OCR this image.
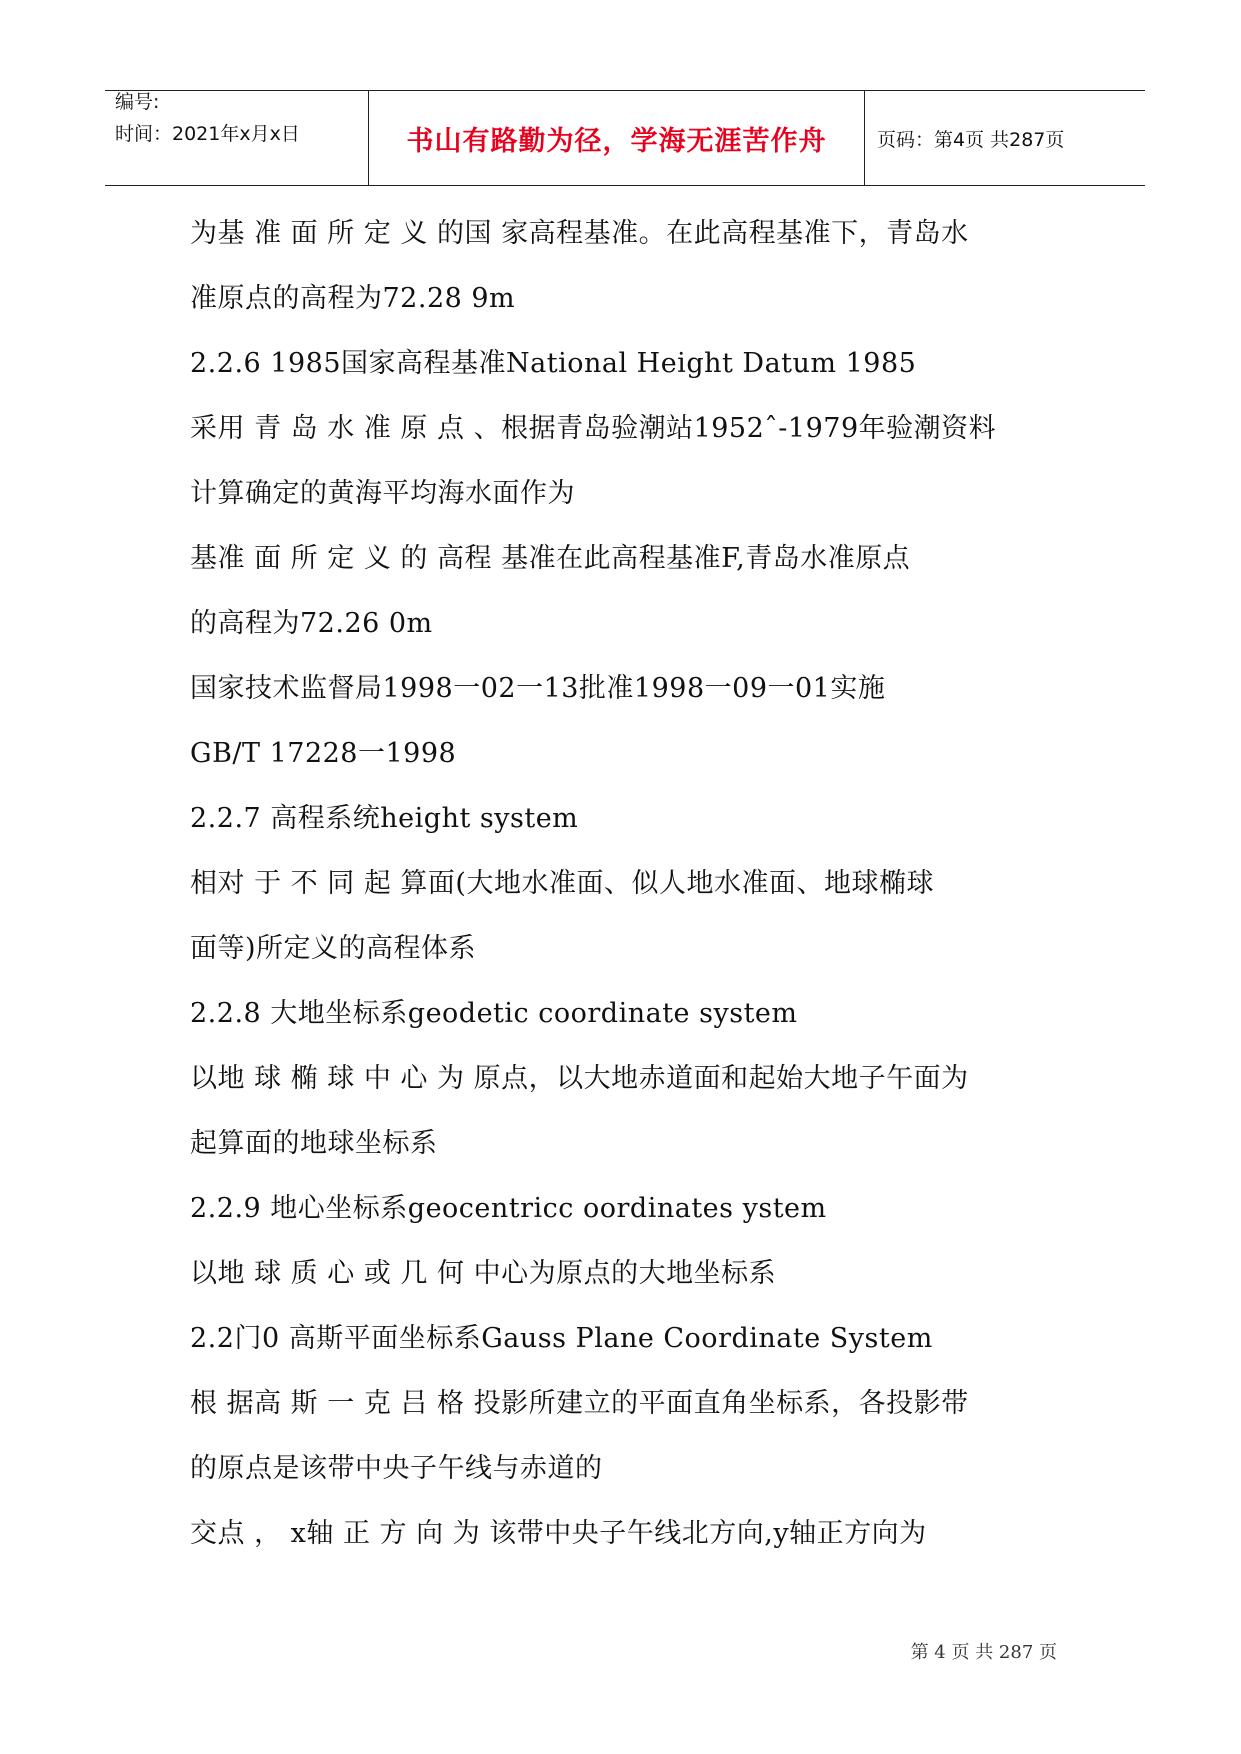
编号:
时间：2021年x月x日	书山有路勤为径，学海无涯苦作舟	页码：第4页 共287页
为基 准 面 所 定 义 的国 家高程基准。在此高程基准下，青岛水
准原点的高程为72.28 9m
2.2.6 1985国家高程基准National Height Datum 1985
采用 青 岛 水 准 原 点 、根据青岛验潮站1952ˆ-1979年验潮资料
计算确定的黄海平均海水面作为
基准 面 所 定 义 的 高程 基准在此高程基准F,青岛水准原点
的高程为72.26 0m
国家技术监督局1998一02一13批准1998一09一01实施
GB/T 17228一1998
2.2.7 高程系统height system
相对 于 不 同 起 算面(大地水准面、似人地水准面、地球椭球
面等)所定义的高程体系
2.2.8 大地坐标系geodetic coordinate system
以地 球 椭 球 中 心 为 原点，以大地赤道面和起始大地子午面为
起算面的地球坐标系
2.2.9 地心坐标系geocentricc oordinates ystem
以地 球 质 心 或 几 何 中心为原点的大地坐标系
2.2门0 高斯平面坐标系Gauss Plane Coordinate System
根 据高 斯 一 克 吕 格 投影所建立的平面直角坐标系，各投影带
的原点是该带中央子午线与赤道的
交点 ， x轴 正 方 向 为 该带中央子午线北方向,y轴正方向为
第 4 页 共 287 页
